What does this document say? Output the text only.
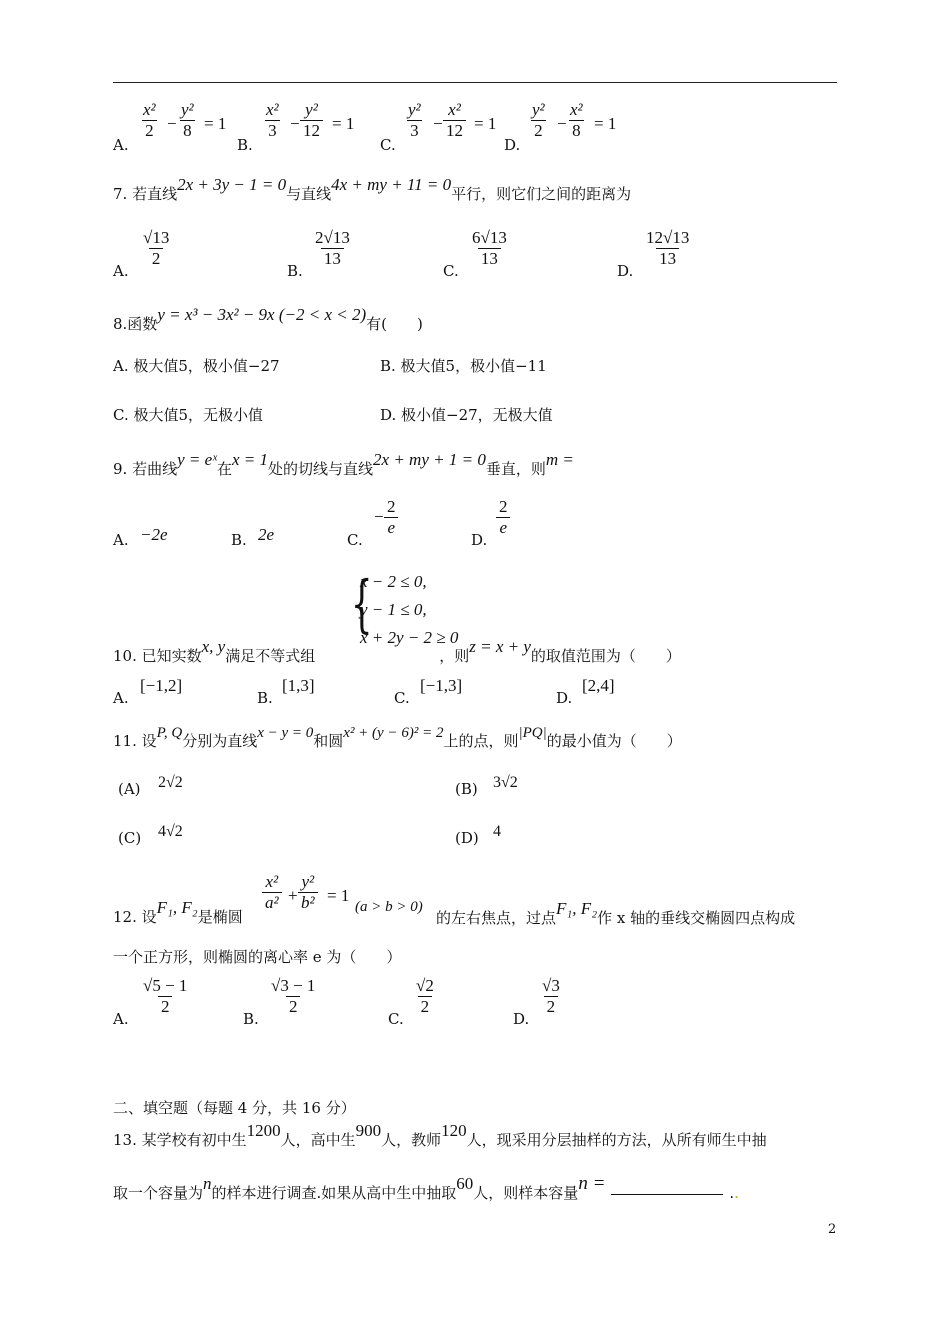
A.
$\frac{\text{x²}}{2} - \frac{\text{y²}}{8} = 1$
B.
$\frac{\text{x²}}{3} - \frac{\text{y²}}{12} = 1$
C.
$\frac{\text{y²}}{3} - \frac{\text{x²}}{12} = 1$
D.
$\frac{\text{y²}}{2} - \frac{\text{x²}}{8} = 1$
7. 若直线2x + 3y − 1 = 0与直线4x + my + 11 = 0平行，则它们之间的距离为
A.
$\frac{√13}{2}$
B.
$\frac{2√13}{13}$
C.
$\frac{6√13}{13}$
D.
$\frac{12√13}{13}$
8.函数y = x³ − 3x² − 9x (−2 < x < 2)有(　　)
A. 极大值5，极小值−27	B. 极大值5，极小值−11
C. 极大值5，无极小值	D. 极小值−27，无极大值
9. 若曲线y = eˣ在x = 1处的切线与直线2x + my + 1 = 0垂直，则m =
A. −2e	B. 2e	C.
− $\frac{2}{e}$
D.
$\frac{2}{e}$
{
x − 2 ≤ 0,
y − 1 ≤ 0,
x + 2y − 2 ≥ 0
10. 已知实数x, y满足不等式组	，则z = x + y的取值范围为（　　）
A.
[−1,2]
B.
[1,3]
C.
[−1,3]
D.
[2,4]
11. 设P, Q分别为直线x − y = 0和圆x² + (y − 6)² = 2上的点，则|PQ|的最小值为（　　）
(A) 2√2	(B) 3√2
(C) 4√2	(D) 4
12. 设F₁, F₂是椭圆
$\frac{\text{x²}}{\text{a²}} + \frac{\text{y²}}{\text{b²}} = 1$
(a > b > 0)
的左右焦点，过点F₁, F₂作 x 轴的垂线交椭圆四点构成
一个正方形，则椭圆的离心率 e 为（　　）
A.
$\frac{√5 - 1}{2}$
B.
$\frac{√3 - 1}{2}$
C.
$\frac{√2}{2}$
D.
$\frac{√3}{2}$
二、填空题（每题 4 分，共 16 分）
13. 某学校有初中生1200人，高中生900人，教师120人，现采用分层抽样的方法，从所有师生中抽
取一个容量为n的样本进行调查.如果从高中生中抽取60人，则样本容量n =	..
2
